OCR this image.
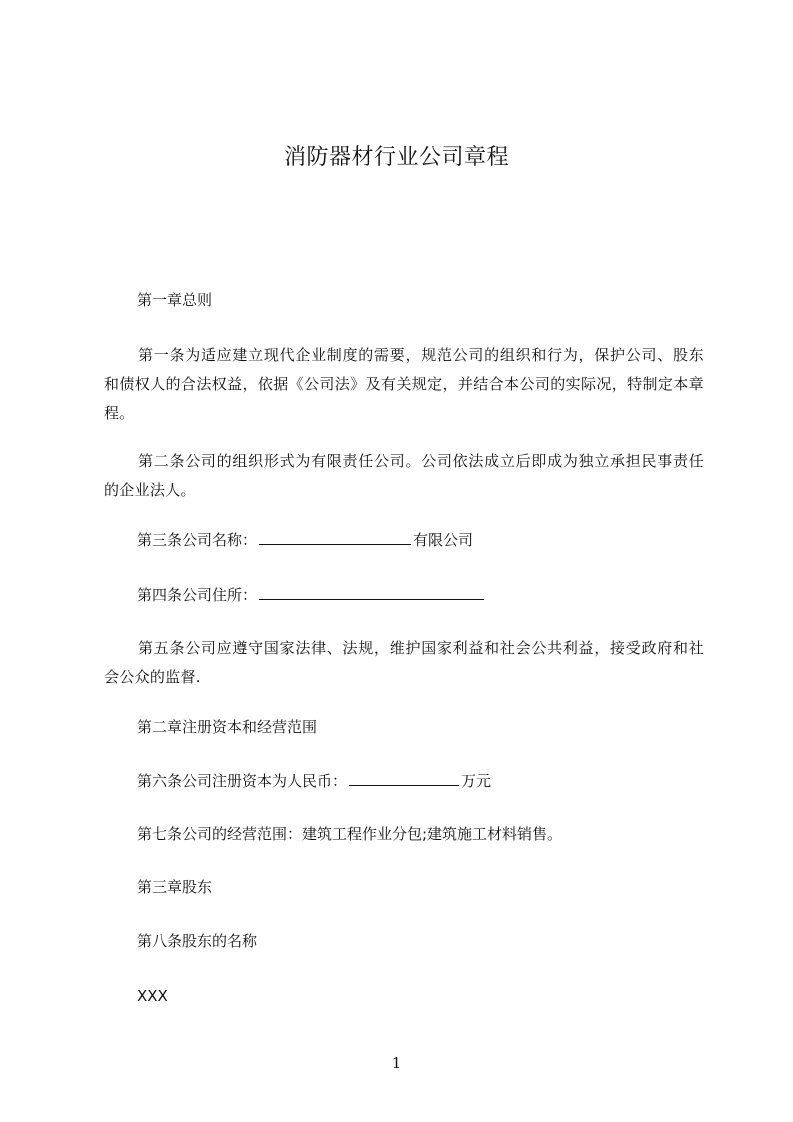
消防器材行业公司章程
第一章总则
第一条为适应建立现代企业制度的需要，规范公司的组织和行为，保护公司、股东和债权人的合法权益，依据《公司法》及有关规定，并结合本公司的实际况，特制定本章程。
第二条公司的组织形式为有限责任公司。公司依法成立后即成为独立承担民事责任的企业法人。
第三条公司名称：	有限公司
第四条公司住所：
第五条公司应遵守国家法律、法规，维护国家利益和社会公共利益，接受政府和社会公众的监督.
第二章注册资本和经营范围
第六条公司注册资本为人民币：	万元
第七条公司的经营范围：建筑工程作业分包;建筑施工材料销售。
第三章股东
第八条股东的名称
XXX
1
